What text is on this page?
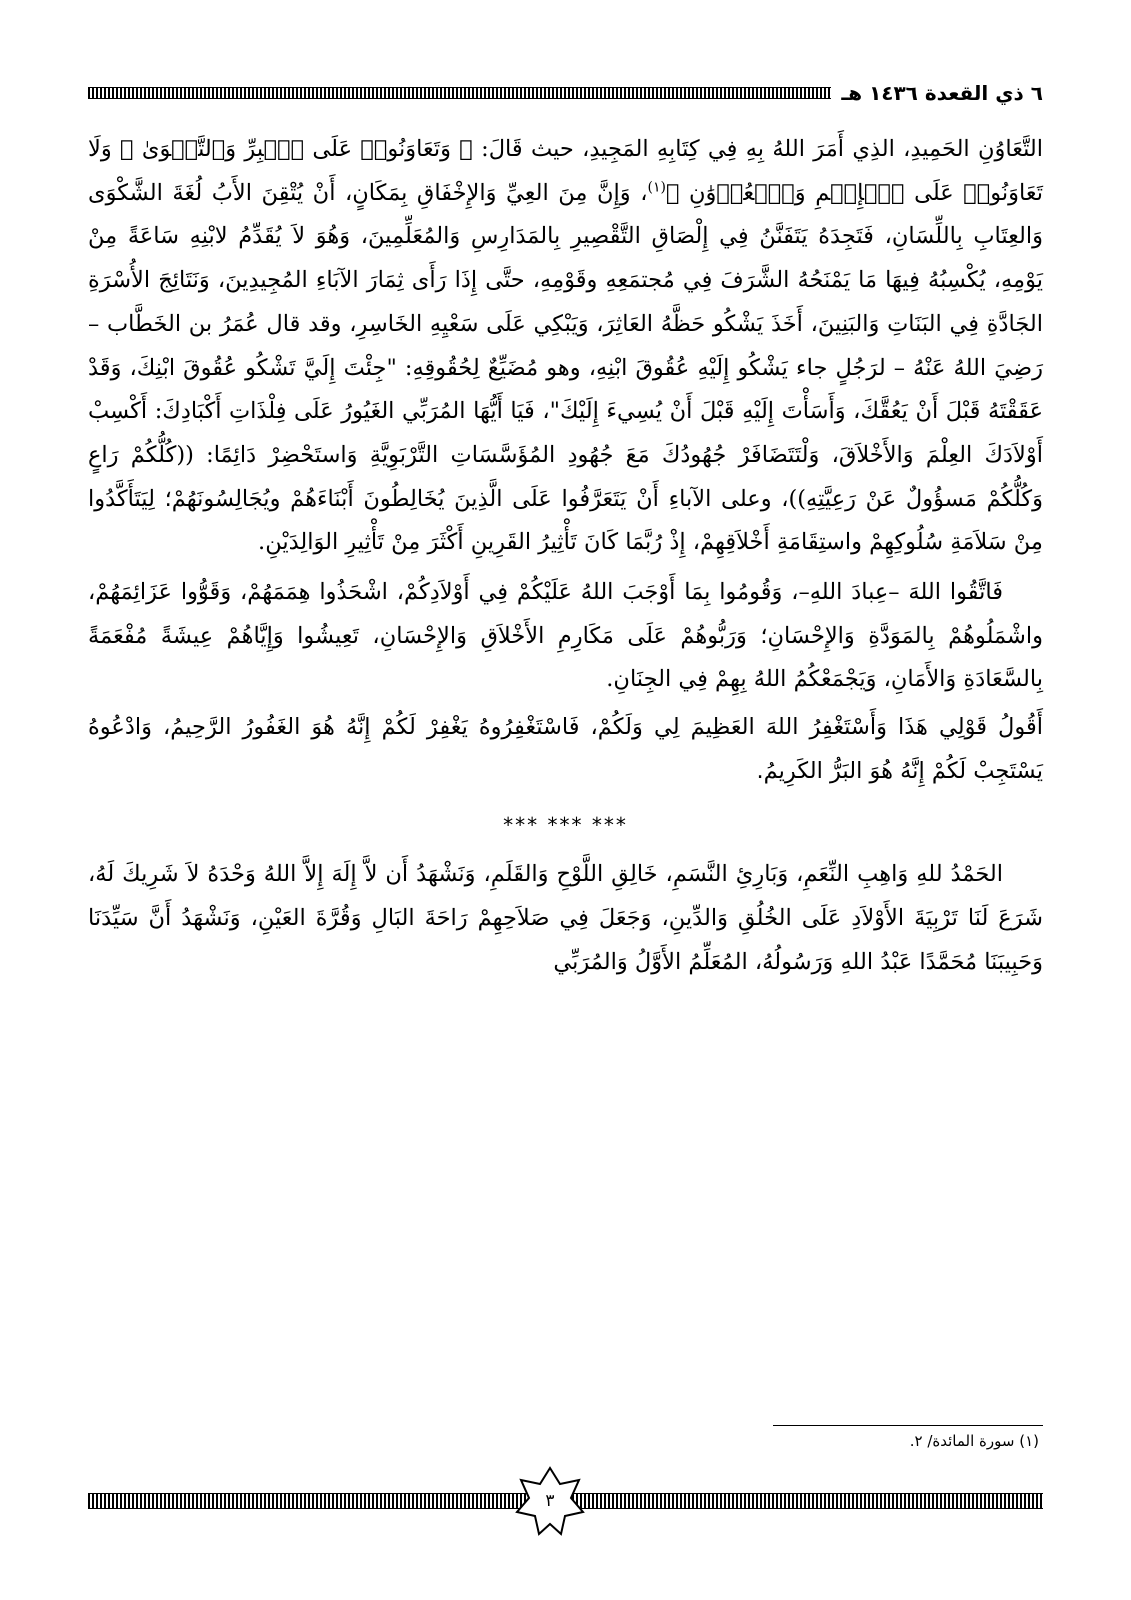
٦ ذي القعدة ١٤٣٦ هـ

التَّعَاوُنِ الحَمِيدِ، الذِي أَمَرَ اللهُ بِهِ فِي كِتَابِهِ المَجِيدِ، حيث قَالَ: ﴿ وَتَعَاوَنُوا۟ عَلَى ٱلۡبِرِّ وَٱلتَّقۡوَىٰ ۖ وَلَا تَعَاوَنُوا۟ عَلَى ٱلۡإِثۡمِ وَٱلۡعُدۡوَٰنِ ﴾$^{(١)}$، وَإِنَّ مِنَ العِيِّ وَالإِخْفَاقِ بِمَكَانٍ، أَنْ يُتْقِنَ الأَبُ لُغَةَ الشَّكْوَى وَالعِتَابِ بِاللِّسَانِ، فَتَجِدَهُ يَتَفَنَّنُ فِي إِلْصَاقِ التَّقْصِيرِ بِالمَدَارِسِ وَالمُعَلِّمِينَ، وَهُوَ لاَ يُقَدِّمُ لابْنِهِ سَاعَةً مِنْ يَوْمِهِ، يُكْسِبُهُ فِيهَا مَا يَمْنَحُهُ الشَّرَفَ فِي مُجتمَعِهِ وقَوْمِهِ، حتَّى إِذَا رَأَى ثِمَارَ الآبَاءِ المُجِيدِينَ، وَنَتَائِجَ الأُسْرَةِ الجَادَّةِ فِي البَنَاتِ وَالبَنِينَ، أَخَذَ يَشْكُو حَظَّهُ العَاثِرَ، وَيَبْكِي عَلَى سَعْيِهِ الخَاسِرِ، وقد قال عُمَرُ بن الخَطَّاب – رَضِيَ اللهُ عَنْهُ – لرَجُلٍ جاء يَشْكُو إِلَيْهِ عُقُوقَ ابْنِهِ، وهو مُضَيِّعٌ لِحُقُوقِهِ: "جِئْتَ إِلَيَّ تَشْكُو عُقُوقَ ابْنِكَ، وَقَدْ عَقَقْتَهُ قَبْلَ أَنْ يَعُقَّكَ، وَأَسَأْتَ إِلَيْهِ قَبْلَ أَنْ يُسِيءَ إِلَيْكَ"، فَيَا أَيُّهَا المُرَبِّي الغَيُورُ عَلَى فِلْذَاتِ أَكْبَادِكَ: أَكْسِبْ أَوْلاَدَكَ العِلْمَ وَالأَخْلاَقَ، وَلْتَتَضَافَرْ جُهُودُكَ مَعَ جُهُودِ المُؤَسَّسَاتِ التَّرْبَوِيَّةِ وَاستَحْضِرْ دَائِمًا: ((كُلُّكُمْ رَاعٍ وَكُلُّكُمْ مَسؤُولٌ عَنْ رَعِيَّتِهِ))، وعلى الآباءِ أَنْ يَتَعَرَّفُوا عَلَى الَّذِينَ يُخَالِطُونَ أَبْنَاءَهُمْ ويُجَالِسُونَهُمْ؛ لِيَتَأَكَّدُوا مِنْ سَلاَمَةِ سُلُوكِهِمْ واستِقَامَةِ أَخْلاَقِهِمْ، إِذْ رُبَّمَا كَانَ تَأْثِيرُ القَرِينِ أَكْثَرَ مِنْ تَأْثِيرِ الوَالِدَيْنِ.

فَاتَّقُوا اللهَ –عِبادَ اللهِ–، وَقُومُوا بِمَا أَوْجَبَ اللهُ عَلَيْكُمْ فِي أَوْلاَدِكُمْ، اشْحَذُوا هِمَمَهُمْ، وَقَوُّوا عَزَائِمَهُمْ، واشْمَلُوهُمْ بِالمَوَدَّةِ وَالإِحْسَانِ؛ وَرَبُّوهُمْ عَلَى مَكَارِمِ الأَخْلاَقِ وَالإِحْسَانِ، تَعِيشُوا وَإِيَّاهُمْ عِيشَةً مُفْعَمَةً بِالسَّعَادَةِ وَالأَمَانِ، وَيَجْمَعْكُمُ اللهُ بِهِمْ فِي الجِنَانِ.

أَقُولُ قَوْلِي هَذَا وَأَسْتَغْفِرُ اللهَ العَظِيمَ لِي وَلَكُمْ، فَاسْتَغْفِرُوهُ يَغْفِرْ لَكُمْ إِنَّهُ هُوَ الغَفُورُ الرَّحِيمُ، وَادْعُوهُ يَسْتَجِبْ لَكُمْ إِنَّهُ هُوَ البَرُّ الكَرِيمُ.

*** *** ***

الحَمْدُ للهِ وَاهِبِ النِّعَمِ، وَبَارِئِ النَّسَمِ، خَالِقِ اللَّوْحِ وَالقَلَمِ، وَنَشْهَدُ أَن لاَّ إِلَهَ إِلاَّ اللهُ وَحْدَهُ لاَ شَرِيكَ لَهُ، شَرَعَ لَنَا تَرْبِيَةَ الأَوْلاَدِ عَلَى الخُلُقِ وَالدِّينِ، وَجَعَلَ فِي صَلاَحِهِمْ رَاحَةَ البَالِ وَقُرَّةَ العَيْنِ، وَنَشْهَدُ أَنَّ سَيِّدَنَا وَحَبِيبَنَا مُحَمَّدًا عَبْدُ اللهِ وَرَسُولُهُ، المُعَلِّمُ الأَوَّلُ وَالمُرَبِّي

(١) سورة المائدة/ ٢.
٣
